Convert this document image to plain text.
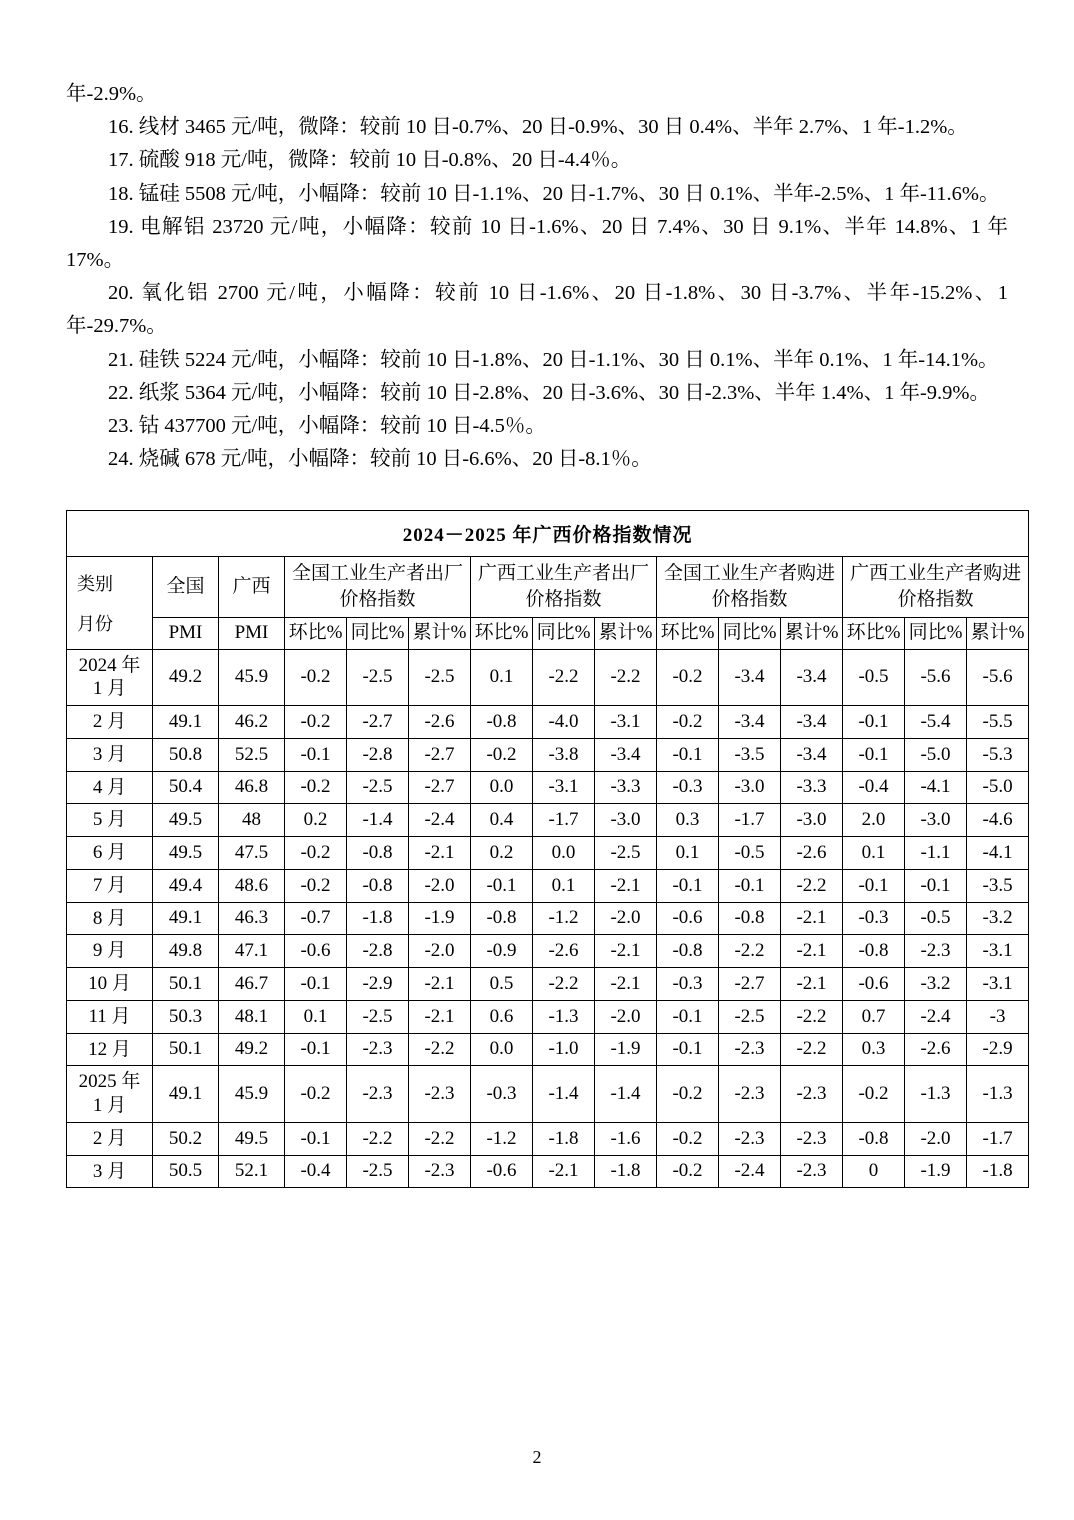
年-2.9%。

16. 线材 3465 元/吨，微降：较前 10 日-0.7%、20 日-0.9%、30 日 0.4%、半年 2.7%、1 年-1.2%。

17. 硫酸 918 元/吨，微降：较前 10 日-0.8%、20 日-4.4％。

18. 锰硅 5508 元/吨，小幅降：较前 10 日-1.1%、20 日-1.7%、30 日 0.1%、半年-2.5%、1 年-11.6%。

19. 电解铝 23720 元/吨，小幅降：较前 10 日-1.6%、20 日 7.4%、30 日 9.1%、半年 14.8%、1 年 17%。

20. 氧化铝 2700 元/吨，小幅降：较前 10 日-1.6%、20 日-1.8%、30 日-3.7%、半年-15.2%、1 年-29.7%。

21. 硅铁 5224 元/吨，小幅降：较前 10 日-1.8%、20 日-1.1%、30 日 0.1%、半年 0.1%、1 年-14.1%。

22. 纸浆 5364 元/吨，小幅降：较前 10 日-2.8%、20 日-3.6%、30 日-2.3%、半年 1.4%、1 年-9.9%。

23. 钴 437700 元/吨，小幅降：较前 10 日-4.5％。

24. 烧碱 678 元/吨，小幅降：较前 10 日-6.6%、20 日-8.1％。

2024－2025 年广西价格指数情况														

类别
月份	全国	广西	全国工业生产者出厂价格指数			广西工业生产者出厂价格指数			全国工业生产者购进价格指数			广西工业生产者购进价格指数		
	PMI	PMI	环比%	同比%	累计%	环比%	同比%	累计%	环比%	同比%	累计%	环比%	同比%	累计%
2024 年
1 月	49.2	45.9	-0.2	-2.5	-2.5	0.1	-2.2	-2.2	-0.2	-3.4	-3.4	-0.5	-5.6	-5.6
2 月	49.1	46.2	-0.2	-2.7	-2.6	-0.8	-4.0	-3.1	-0.2	-3.4	-3.4	-0.1	-5.4	-5.5
3 月	50.8	52.5	-0.1	-2.8	-2.7	-0.2	-3.8	-3.4	-0.1	-3.5	-3.4	-0.1	-5.0	-5.3
4 月	50.4	46.8	-0.2	-2.5	-2.7	0.0	-3.1	-3.3	-0.3	-3.0	-3.3	-0.4	-4.1	-5.0
5 月	49.5	48	0.2	-1.4	-2.4	0.4	-1.7	-3.0	0.3	-1.7	-3.0	2.0	-3.0	-4.6
6 月	49.5	47.5	-0.2	-0.8	-2.1	0.2	0.0	-2.5	0.1	-0.5	-2.6	0.1	-1.1	-4.1
7 月	49.4	48.6	-0.2	-0.8	-2.0	-0.1	0.1	-2.1	-0.1	-0.1	-2.2	-0.1	-0.1	-3.5
8 月	49.1	46.3	-0.7	-1.8	-1.9	-0.8	-1.2	-2.0	-0.6	-0.8	-2.1	-0.3	-0.5	-3.2
9 月	49.8	47.1	-0.6	-2.8	-2.0	-0.9	-2.6	-2.1	-0.8	-2.2	-2.1	-0.8	-2.3	-3.1
10 月	50.1	46.7	-0.1	-2.9	-2.1	0.5	-2.2	-2.1	-0.3	-2.7	-2.1	-0.6	-3.2	-3.1
11 月	50.3	48.1	0.1	-2.5	-2.1	0.6	-1.3	-2.0	-0.1	-2.5	-2.2	0.7	-2.4	-3
12 月	50.1	49.2	-0.1	-2.3	-2.2	0.0	-1.0	-1.9	-0.1	-2.3	-2.2	0.3	-2.6	-2.9
2025 年
1 月	49.1	45.9	-0.2	-2.3	-2.3	-0.3	-1.4	-1.4	-0.2	-2.3	-2.3	-0.2	-1.3	-1.3
2 月	50.2	49.5	-0.1	-2.2	-2.2	-1.2	-1.8	-1.6	-0.2	-2.3	-2.3	-0.8	-2.0	-1.7
3 月	50.5	52.1	-0.4	-2.5	-2.3	-0.6	-2.1	-1.8	-0.2	-2.4	-2.3	0	-1.9	-1.8
2
